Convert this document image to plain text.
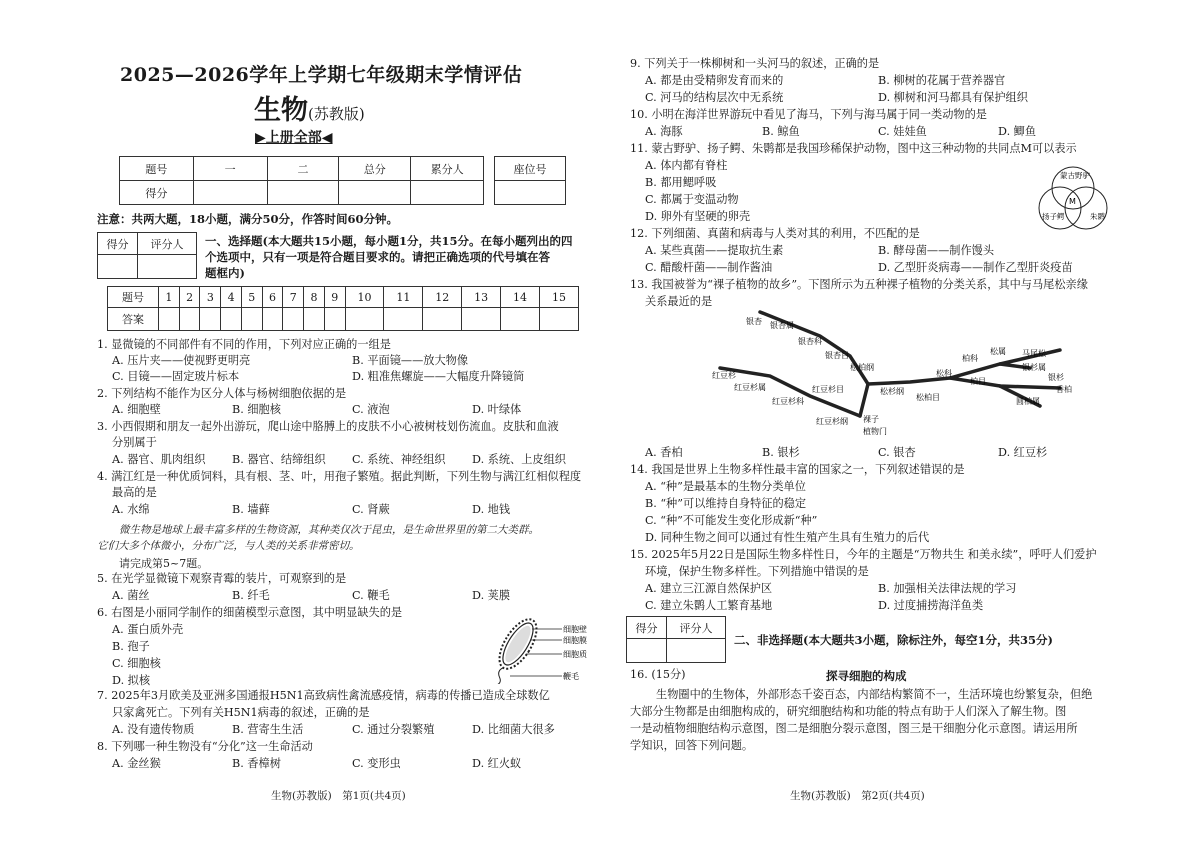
2025—2026学年上学期七年级期末学情评估
生物(苏教版)
▶上册全部◀
题号	一	二	总分	累分人
得分				
座位号

注意：共两大题，18小题，满分50分，作答时间60分钟。
得分	评分人
	一、选择题(本大题共15小题，每小题1分，共15分。在每小题列出的四
个选项中，只有一项是符合题目要求的。请把正确选项的代号填在答
题框内)
题号	1	2	3	4	5	6	7	8	9	10	11	12	13	14	15
答案															
1. 显微镜的不同部件有不同的作用，下列对应正确的一组是
A. 压片夹——使视野更明亮	B. 平面镜——放大物像
C. 目镜——固定玻片标本	D. 粗准焦螺旋——大幅度升降镜筒
2. 下列结构不能作为区分人体与杨树细胞依据的是
A. 细胞壁	B. 细胞核	C. 液泡	D. 叶绿体
3. 小西假期和朋友一起外出游玩，爬山途中胳膊上的皮肤不小心被树枝划伤流血。皮肤和血液
分别属于
A. 器官、肌肉组织 B. 器官、结缔组织 C. 系统、神经组织 D. 系统、上皮组织
4. 满江红是一种优质饲料，具有根、茎、叶，用孢子繁殖。据此判断，下列生物与满江红相似程度
最高的是
A. 水绵	B. 墙藓	C. 肾蕨	D. 地钱
微生物是地球上最丰富多样的生物资源，其种类仅次于昆虫，是生命世界里的第二大类群。
它们大多个体微小，分布广泛，与人类的关系非常密切。
请完成第5~7题。
5. 在光学显微镜下观察青霉的装片，可观察到的是
A. 菌丝	B. 纤毛	C. 鞭毛	D. 荚膜
6. 右图是小丽同学制作的细菌模型示意图，其中明显缺失的是
A. 蛋白质外壳
B. 孢子
C. 细胞核
D. 拟核
细胞壁
细胞膜
细胞质
鞭毛
7. 2025年3月欧美及亚洲多国通报H5N1高致病性禽流感疫情，病毒的传播已造成全球数亿
只家禽死亡。下列有关H5N1病毒的叙述，正确的是
A. 没有遗传物质	B. 营寄生生活	C. 通过分裂繁殖	D. 比细菌大很多
8. 下列哪一种生物没有“分化”这一生命活动
A. 金丝猴	B. 香樟树	C. 变形虫	D. 红火蚁
生物(苏教版)　第1页(共4页)
9. 下列关于一株柳树和一头河马的叙述，正确的是
A. 都是由受精卵发育而来的	B. 柳树的花属于营养器官
C. 河马的结构层次中无系统	D. 柳树和河马都具有保护组织
10. 小明在海洋世界游玩中看见了海马，下列与海马属于同一类动物的是
A. 海豚	B. 鲸鱼	C. 娃娃鱼	D. 鲫鱼
11. 蒙古野驴、扬子鳄、朱鹮都是我国珍稀保护动物，图中这三种动物的共同点M可以表示
A. 体内都有脊柱
B. 都用鳃呼吸
C. 都属于变温动物
D. 卵外有坚硬的卵壳
蒙古野驴
M
扬子鳄	朱鹮
12. 下列细菌、真菌和病毒与人类对其的利用，不匹配的是
A. 某些真菌——提取抗生素	B. 酵母菌——制作馒头
C. 醋酸杆菌——制作酱油	D. 乙型肝炎病毒——制作乙型肝炎疫苗
13. 我国被誉为“裸子植物的故乡”。下图所示为五种裸子植物的分类关系，其中与马尾松亲缘
关系最近的是
银杏 银杏属
银杏科
银杏目
红豆杉
红豆杉属
红豆杉科
红豆杉目
红豆杉纲
松柏纲
松杉纲
柏科
松科
松属 马尾松
银杉属
银杉
柏目
松柏目
香柏
圆柏属
裸子
植物门
A. 香柏	B. 银杉	C. 银杏	D. 红豆杉
14. 我国是世界上生物多样性最丰富的国家之一，下列叙述错误的是
A. “种”是最基本的生物分类单位
B. “种”可以维持自身特征的稳定
C. “种”不可能发生变化形成新“种”
D. 同种生物之间可以通过有性生殖产生具有生殖力的后代
15. 2025年5月22日是国际生物多样性日，今年的主题是“万物共生 和美永续”，呼吁人们爱护
环境，保护生物多样性。下列措施中错误的是
A. 建立三江源自然保护区	B. 加强相关法律法规的学习
C. 建立朱鹮人工繁育基地	D. 过度捕捞海洋鱼类
得分	评分人

二、非选择题(本大题共3小题，除标注外，每空1分，共35分)
16. (15分)	探寻细胞的构成
生物圈中的生物体，外部形态千姿百态，内部结构繁简不一，生活环境也纷繁复杂，但绝
大部分生物都是由细胞构成的，研究细胞结构和功能的特点有助于人们深入了解生物。图
一是动植物细胞结构示意图，图二是细胞分裂示意图，图三是干细胞分化示意图。请运用所
学知识，回答下列问题。
生物(苏教版)　第2页(共4页)
